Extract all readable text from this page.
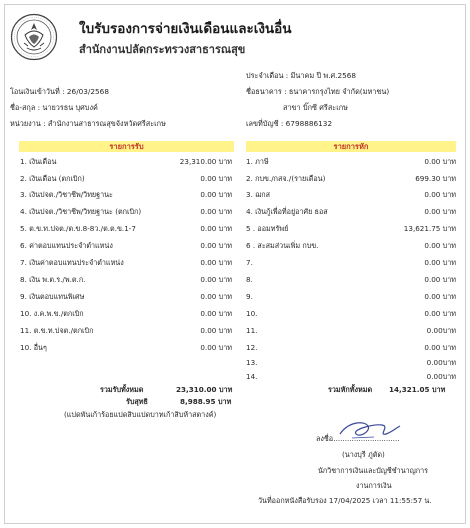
ใบรับรองการจ่ายเงินเดือนและเงินอื่น
สำนักงานปลัดกระทรวงสาธารณสุข
โอนเงินเข้าวันที่ : 26/03/2568
ชื่อ-สกุล : นายวรธน บุศบงค์
หน่วยงาน : สำนักงานสาธารณสุขจังหวัดศรีสะเกษ
ประจำเดือน : มีนาคม ปี พ.ศ.2568
ชื่อธนาคาร : ธนาคารกรุงไทย จำกัด(มหาชน)
สาขา บิ๊กซี ศรีสะเกษ
เลขที่บัญชี : 6798886132
รายการรับ	รายการหัก
1. เงินเดือน	23,310.00 บาท
2. เงินเดือน (ตกเบิก)	0.00 บาท
3. เงินปจต./วิชาชีพ/วิทยฐานะ	0.00 บาท
4. เงินปจต./วิชาชีพ/วิทยฐานะ (ตกเบิก)	0.00 บาท
5. ต.ข.ท.ปจต./ต.ข.8-8ว./ต.ต.ข.1-7	0.00 บาท
6. ค่าตอบแทนประจำตำแหน่ง	0.00 บาท
7. เงินค่าตอบแทนประจำตำแหน่ง	0.00 บาท
8. เงิน พ.ต.ร./พ.ต.ก.	0.00 บาท
9. เงินตอบแทนพิเศษ	0.00 บาท
10. ง.ค.พ.ข./ตกเบิก	0.00 บาท
11. ต.ข.ท.ปจต./ตกเบิก	0.00 บาท
10. อื่นๆ	0.00 บาท
1. ภาษี	0.00 บาท
2. กบข./กสจ./(รายเดือน)	699.30 บาท
3. ฌกส	0.00 บาท
4. เงินกู้เพื่อที่อยู่อาศัย ธอส	0.00 บาท
5 . ออมทรัพย์	13,621.75 บาท
6 . สะสมส่วนเพิ่ม กบข.	0.00 บาท
7.	0.00 บาท
8.	0.00 บาท
9.	0.00 บาท
10.	0.00 บาท
11.	0.00บาท
12.	0.00 บาท
13.	0.00บาท
14.	0.00บาท
รวมรับทั้งหมด	23,310.00 บาท
รับสุทธิ	8,988.95 บาท
(แปดพันเก้าร้อยแปดสิบแปดบาทเก้าสิบห้าสตางค์)
รวมหักทั้งหมด 14,321.05 บาท
ลงชื่อ
..............................
(นางบุรี ภู่ตัด)
นักวิชาการเงินและบัญชีชำนาญการ
งานการเงิน
วันที่ออกหนังสือรับรอง 17/04/2025 เวลา 11:55:57 น.
